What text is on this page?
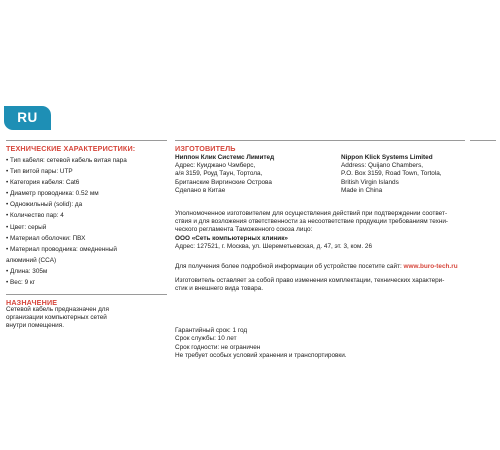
RU
ТЕХНИЧЕСКИЕ ХАРАКТЕРИСТИКИ:
• Тип кабеля: сетевой кабель витая пара
• Тип витой пары: UTP
• Категория кабеля: Cat6
• Диаметр проводника: 0.52 мм
• Одножильный (solid): да
• Количество пар: 4
• Цвет: серый
• Материал оболочки: ПВХ
• Материал проводника: омедненный
алюминий (CCA)
• Длина: 305м
• Вес: 9 кг
НАЗНАЧЕНИЕ
Сетевой кабель предназначен для
организации компьютерных сетей
внутри помещения.
ИЗГОТОВИТЕЛЬ
Ниппон Клик Системс Лимитед
Адрес: Куиджано Чэмберс,
а/я 3159, Роуд Таун, Тортола,
Британские Виргинские Острова
Сделано в Китае
Nippon Klick Systems Limited
Address: Quijano Chambers,
P.O. Box 3159, Road Town, Tortola,
British Virgin Islands
Made in China
Уполномоченное изготовителем для осуществления действий при подтверждении соответ-
ствия и для возложения ответственности за несоответствие продукции требованиям техни-
ческого регламента Таможенного союза лицо:
ООО «Сеть компьютерных клиник»
Адрес: 127521, г. Москва, ул. Шереметьевская, д. 47, эт. 3, ком. 26
Для получения более подробной информации об устройстве посетите сайт: www.buro-tech.ru
Изготовитель оставляет за собой право изменения комплектации, технических характери-
стик и внешнего вида товара.
Гарантийный срок: 1 год
Срок службы: 10 лет
Срок годности: не ограничен
Не требует особых условий хранения и транспортировки.
